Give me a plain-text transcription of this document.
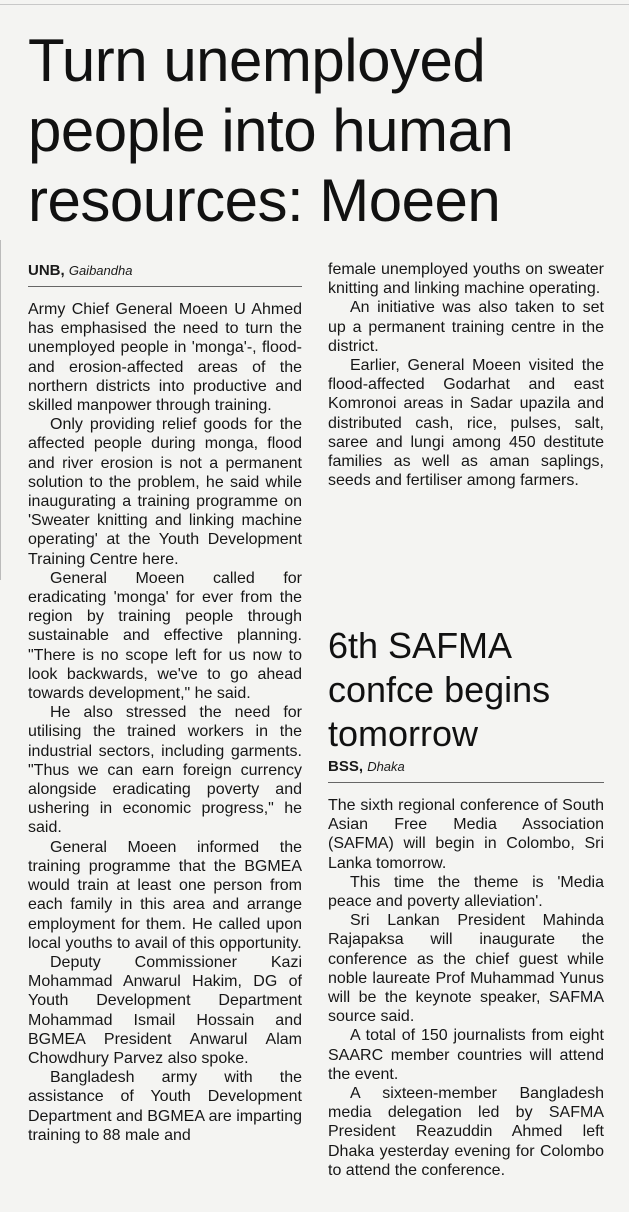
Turn unemployed people into human resources: Moeen
UNB, Gaibandha

Army Chief General Moeen U Ahmed has emphasised the need to turn the unemployed people in 'monga'-, flood- and erosion-affected areas of the northern districts into productive and skilled manpower through training.

Only providing relief goods for the affected people during monga, flood and river erosion is not a permanent solution to the problem, he said while inaugurating a training programme on 'Sweater knitting and linking machine operating' at the Youth Development Training Centre here.

General Moeen called for eradicating 'monga' for ever from the region by training people through sustainable and effective planning. "There is no scope left for us now to look backwards, we've to go ahead towards development," he said.

He also stressed the need for utilising the trained workers in the industrial sectors, including garments. "Thus we can earn foreign currency alongside eradicating poverty and ushering in economic progress," he said.

General Moeen informed the training programme that the BGMEA would train at least one person from each family in this area and arrange employment for them. He called upon local youths to avail of this opportunity.

Deputy Commissioner Kazi Mohammad Anwarul Hakim, DG of Youth Development Department Mohammad Ismail Hossain and BGMEA President Anwarul Alam Chowdhury Parvez also spoke.

Bangladesh army with the assistance of Youth Development Department and BGMEA are imparting training to 88 male and

female unemployed youths on sweater knitting and linking machine operating.

An initiative was also taken to set up a permanent training centre in the district.

Earlier, General Moeen visited the flood-affected Godarhat and east Komronoi areas in Sadar upazila and distributed cash, rice, pulses, salt, saree and lungi among 450 destitute families as well as aman saplings, seeds and fertiliser among farmers.

6th SAFMA confce begins tomorrow
BSS, Dhaka

The sixth regional conference of South Asian Free Media Association (SAFMA) will begin in Colombo, Sri Lanka tomorrow.

This time the theme is 'Media peace and poverty alleviation'.

Sri Lankan President Mahinda Rajapaksa will inaugurate the conference as the chief guest while noble laureate Prof Muhammad Yunus will be the keynote speaker, SAFMA source said.

A total of 150 journalists from eight SAARC member countries will attend the event.

A sixteen-member Bangladesh media delegation led by SAFMA President Reazuddin Ahmed left Dhaka yesterday evening for Colombo to attend the conference.
